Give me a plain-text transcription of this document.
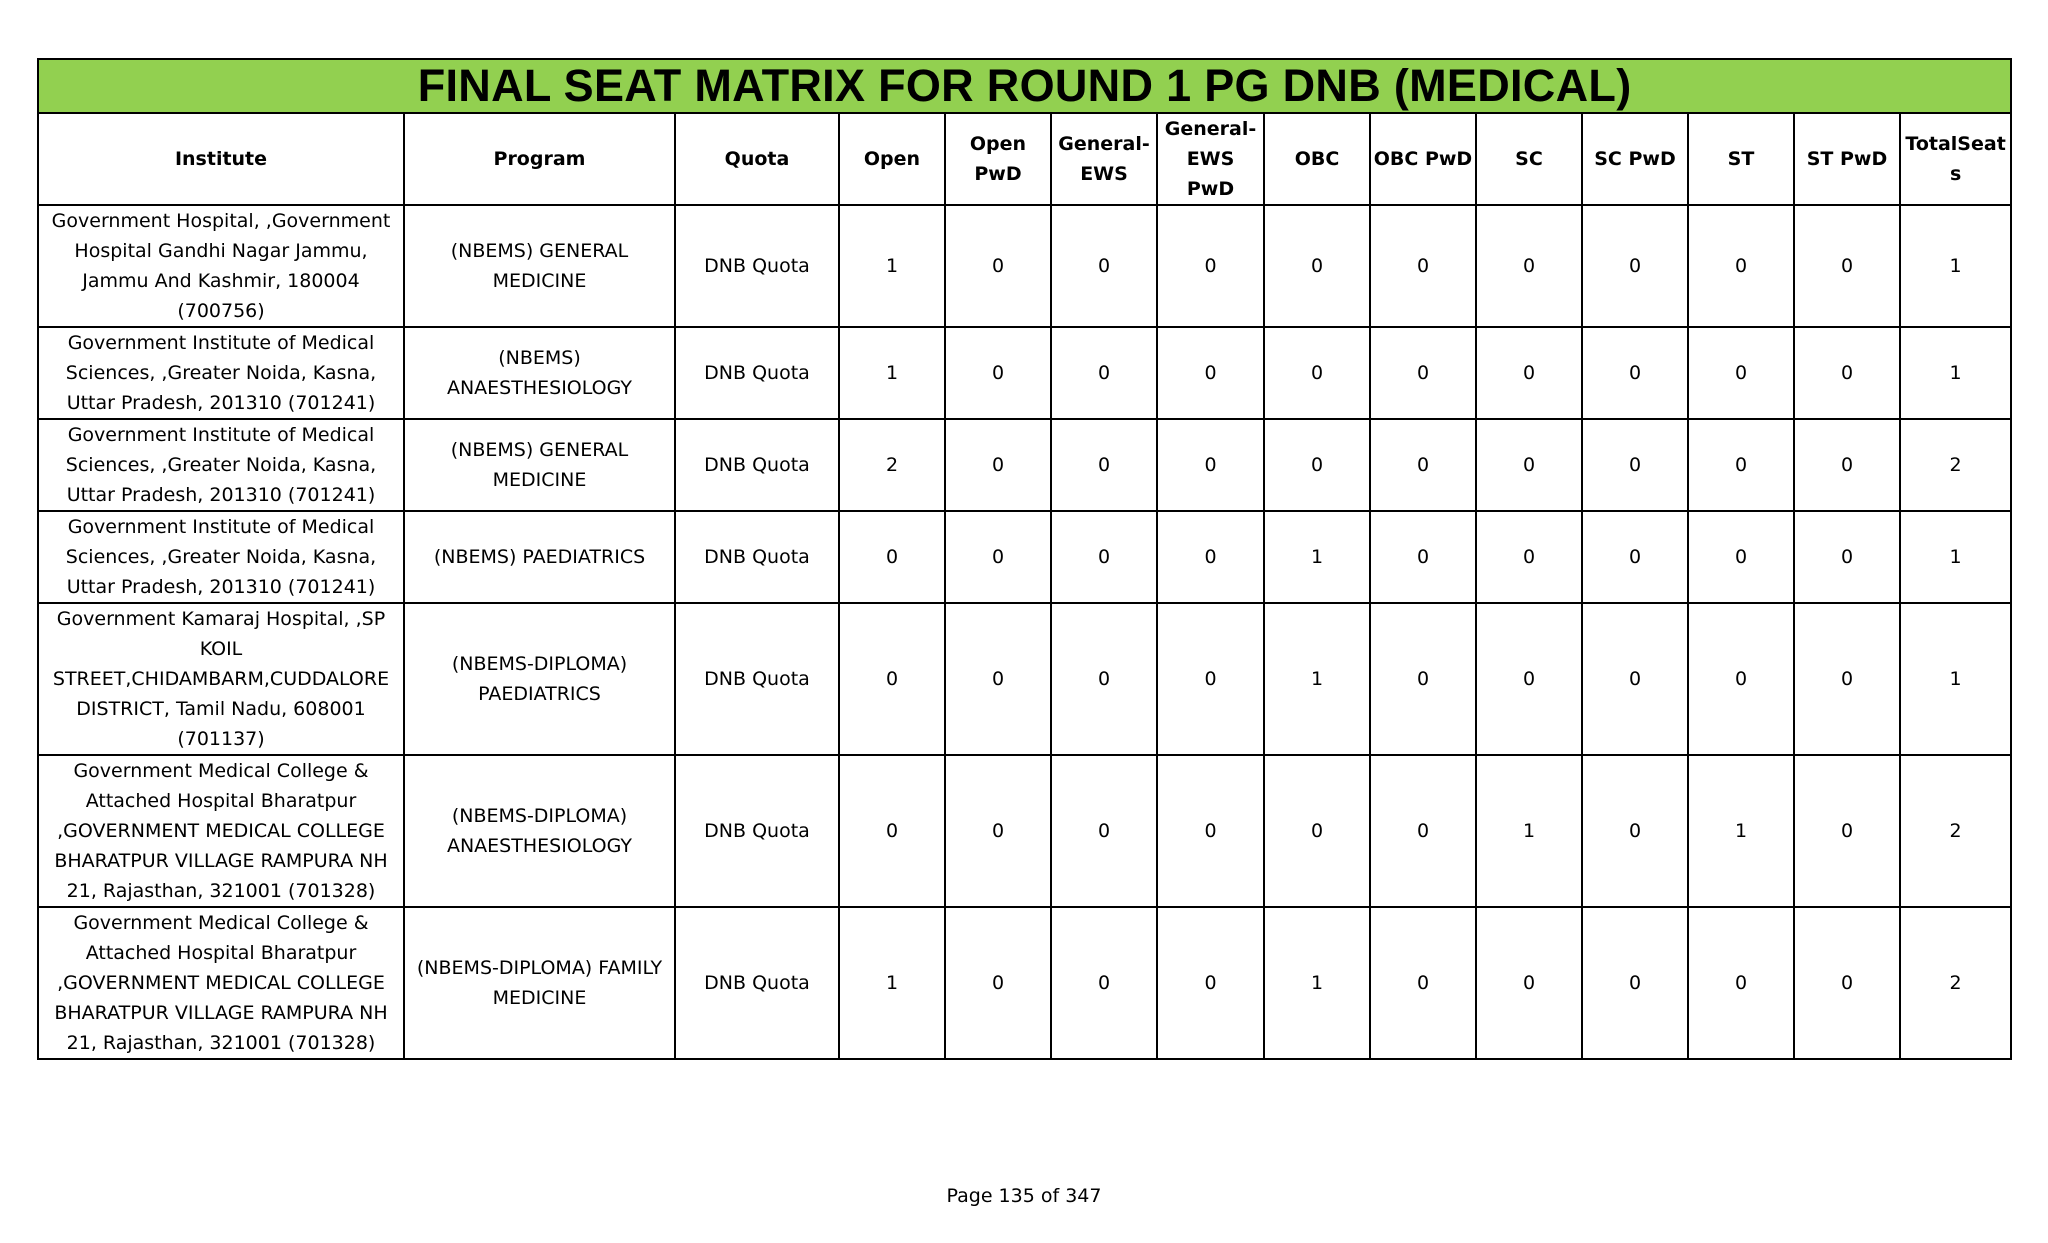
FINAL SEAT MATRIX FOR ROUND 1 PG DNB (MEDICAL)													
Institute	Program	Quota	Open	Open PwD	General-EWS	General-EWS PwD	OBC	OBC PwD	SC	SC PwD	ST	ST PwD	TotalSeats
Government Hospital, ,Government Hospital Gandhi Nagar Jammu, Jammu And Kashmir, 180004 (700756)	(NBEMS) GENERAL MEDICINE	DNB Quota	1	0	0	0	0	0	0	0	0	0	1
Government Institute of Medical Sciences, ,Greater Noida, Kasna, Uttar Pradesh, 201310 (701241)	(NBEMS) ANAESTHESIOLOGY	DNB Quota	1	0	0	0	0	0	0	0	0	0	1
Government Institute of Medical Sciences, ,Greater Noida, Kasna, Uttar Pradesh, 201310 (701241)	(NBEMS) GENERAL MEDICINE	DNB Quota	2	0	0	0	0	0	0	0	0	0	2
Government Institute of Medical Sciences, ,Greater Noida, Kasna, Uttar Pradesh, 201310 (701241)	(NBEMS) PAEDIATRICS	DNB Quota	0	0	0	0	1	0	0	0	0	0	1
Government Kamaraj Hospital, ,SP KOIL STREET,CHIDAMBARM,CUDDALORE DISTRICT, Tamil Nadu, 608001 (701137)	(NBEMS-DIPLOMA) PAEDIATRICS	DNB Quota	0	0	0	0	1	0	0	0	0	0	1
Government Medical College & Attached Hospital Bharatpur ,GOVERNMENT MEDICAL COLLEGE BHARATPUR VILLAGE RAMPURA NH 21, Rajasthan, 321001 (701328)	(NBEMS-DIPLOMA) ANAESTHESIOLOGY	DNB Quota	0	0	0	0	0	0	1	0	1	0	2
Government Medical College & Attached Hospital Bharatpur ,GOVERNMENT MEDICAL COLLEGE BHARATPUR VILLAGE RAMPURA NH 21, Rajasthan, 321001 (701328)	(NBEMS-DIPLOMA) FAMILY MEDICINE	DNB Quota	1	0	0	0	1	0	0	0	0	0	2
Page 135 of 347
